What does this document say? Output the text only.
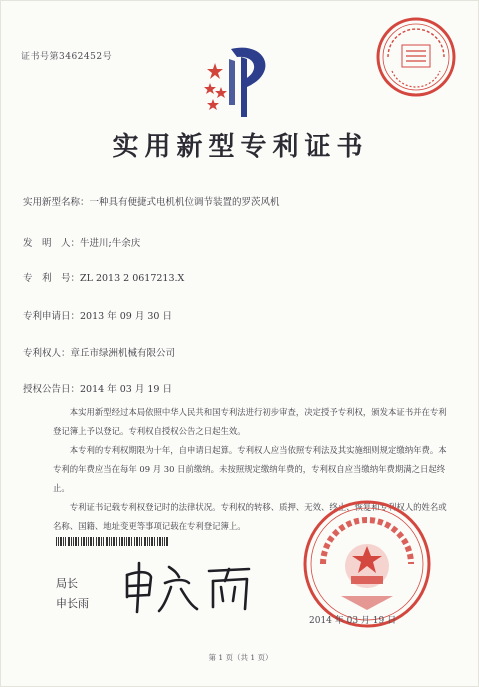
证书号第3462452号
实用新型专利证书
实用新型名称：一种具有便捷式电机机位调节装置的罗茨风机
发　明　人：牛进川;牛余庆
专　利　号：ZL 2013 2 0617213.X
专利申请日：2013 年 09 月 30 日
专利权人：章丘市绿洲机械有限公司
授权公告日：2014 年 03 月 19 日

本实用新型经过本局依照中华人民共和国专利法进行初步审查，决定授予专利权，颁发本证书并在专利登记簿上予以登记。专利权自授权公告之日起生效。

本专利的专利权期限为十年，自申请日起算。专利权人应当依照专利法及其实施细则规定缴纳年费。本专利的年费应当在每年 09 月 30 日前缴纳。未按照规定缴纳年费的，专利权自应当缴纳年费期满之日起终止。

专利证书记载专利权登记时的法律状况。专利权的转移、质押、无效、终止、恢复和专利权人的姓名或名称、国籍、地址变更等事项记载在专利登记簿上。

局长
申长雨
2014 年 03 月 19 日
第 1 页（共 1 页）
